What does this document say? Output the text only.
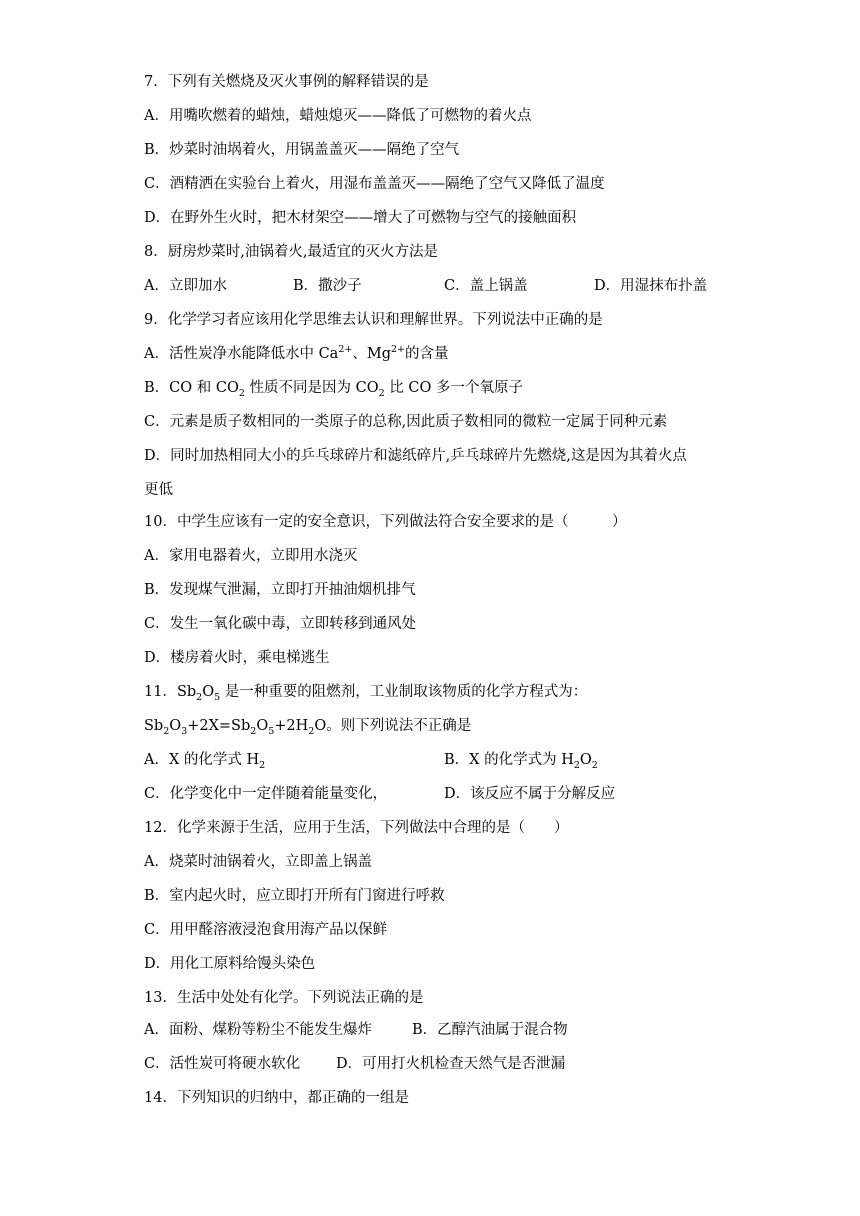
7．下列有关燃烧及灭火事例的解释错误的是
A．用嘴吹燃着的蜡烛，蜡烛熄灭——降低了可燃物的着火点
B．炒菜时油埚着火，用锅盖盖灭——隔绝了空气
C．酒精洒在实验台上着火，用湿布盖盖灭——隔绝了空气又降低了温度
D．在野外生火时，把木材架空——增大了可燃物与空气的接触面积
8．厨房炒菜时,油锅着火,最适宜的灭火方法是
A．立即加水	B．撒沙子	C．盖上锅盖	D．用湿抹布扑盖
9．化学学习者应该用化学思维去认识和理解世界。下列说法中正确的是
A．活性炭净水能降低水中 $Ca^{2+}$、$Mg^{2+}$的含量
B．CO 和 $CO_2$ 性质不同是因为 $CO_2$ 比 CO 多一个氧原子
C．元素是质子数相同的一类原子的总称,因此质子数相同的微粒一定属于同种元素
D．同时加热相同大小的乒乓球碎片和滤纸碎片,乒乓球碎片先燃烧,这是因为其着火点
更低
10．中学生应该有一定的安全意识，下列做法符合安全要求的是（　　　）
A．家用电器着火，立即用水浇灭
B．发现煤气泄漏，立即打开抽油烟机排气
C．发生一氧化碳中毒，立即转移到通风处
D．楼房着火时，乘电梯逃生
11．$Sb_2O_5$ 是一种重要的阻燃剂，工业制取该物质的化学方程式为：
$Sb_2O_3+2X=Sb_2O_5+2H_2O$。则下列说法不正确是
A．X 的化学式 $H_2$	B．X 的化学式为 $H_2O_2$
C．化学变化中一定伴随着能量变化，	D．该反应不属于分解反应
12．化学来源于生活，应用于生活，下列做法中合理的是（　　）
A．烧菜时油锅着火，立即盖上锅盖
B．室内起火时，应立即打开所有门窗进行呼救
C．用甲醛溶液浸泡食用海产品以保鲜
D．用化工原料给馒头染色
13．生活中处处有化学。下列说法正确的是
A．面粉、煤粉等粉尘不能发生爆炸	B．乙醇汽油属于混合物
C．活性炭可将硬水软化 D．可用打火机检查天然气是否泄漏
14．下列知识的归纳中，都正确的一组是
